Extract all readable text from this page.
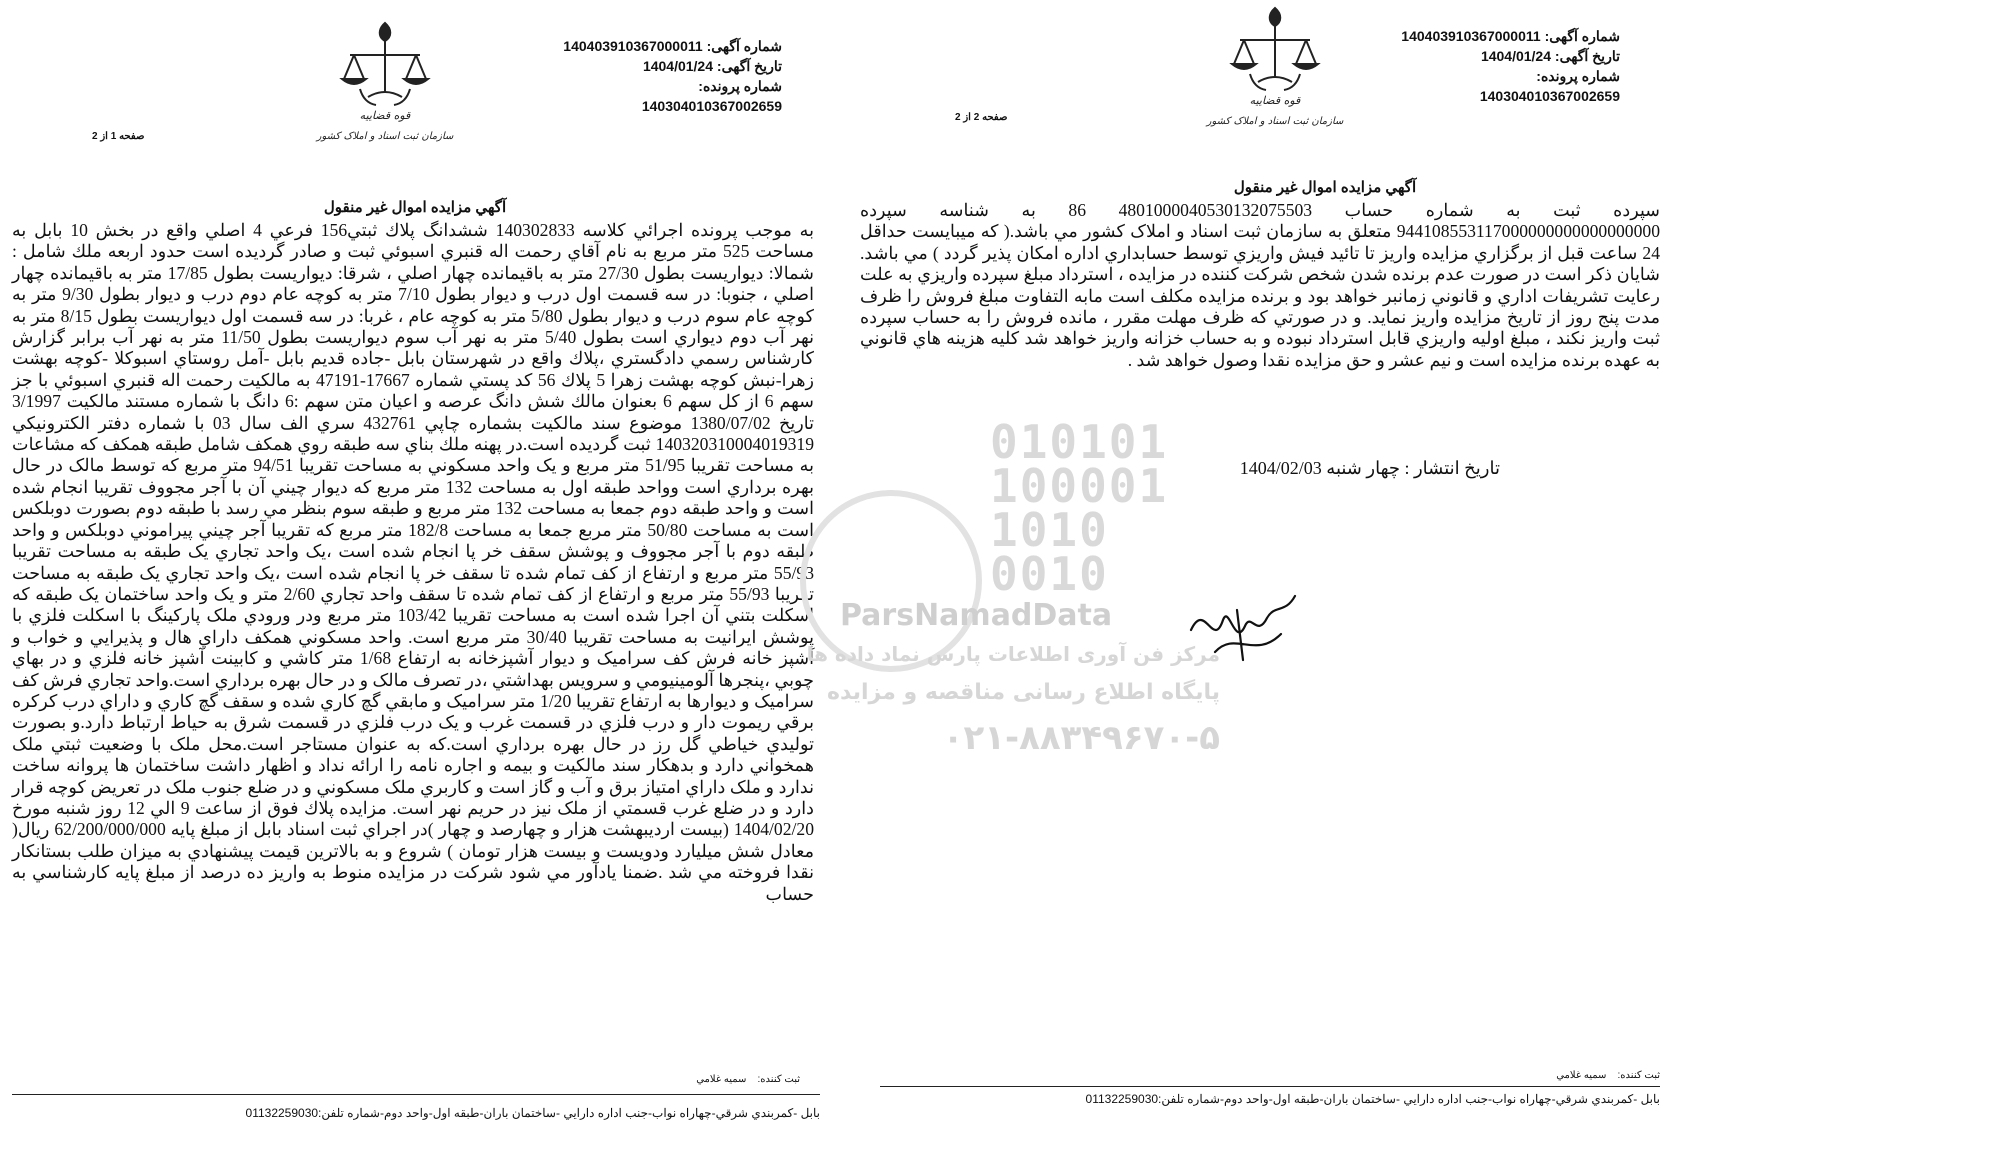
قوه قضاییه
سازمان ثبت اسناد و املاک کشور
شماره آگهی: 140403910367000011
تاریخ آگهی: 1404/01/24
شماره پرونده: 140304010367002659
صفحه 1 از 2
آگهي مزايده اموال غير منقول
به موجب پرونده اجرائي كلاسه 140302833 ششدانگ پلاك ثبتي156 فرعي 4 اصلي واقع در بخش 10 بابل به مساحت 525 متر مربع به نام آقاي رحمت اله قنبري اسبوئي ثبت و صادر گرديده است حدود اربعه ملك شامل : شمالا: ديواريست بطول 27/30 متر به باقيمانده چهار اصلي ، شرقا: ديواريست بطول 17/85 متر به باقيمانده چهار اصلي ، جنوبا: در سه قسمت اول درب و ديوار بطول 7/10 متر به كوچه عام دوم درب و ديوار بطول 9/30 متر به كوچه عام سوم درب و ديوار بطول 5/80 متر به كوچه عام ، غربا: در سه قسمت اول ديواريست بطول 8/15 متر به نهر آب دوم ديواري است بطول 5/40 متر به نهر آب سوم ديواريست بطول 11/50 متر به نهر آب برابر گزارش كارشناس رسمي دادگستري ،پلاك واقع در شهرستان بابل -جاده قديم بابل -آمل روستاي اسبوكلا -كوچه بهشت زهرا-نبش كوچه بهشت زهرا 5 پلاك 56 كد پستي شماره 17667-47191 به مالكيت رحمت اله قنبري اسبوئي با جز سهم 6 از كل سهم 6 بعنوان مالك شش دانگ عرصه و اعيان متن سهم :6 دانگ با شماره مستند مالكيت 3/1997 تاريخ 1380/07/02 موضوع سند مالكيت بشماره چاپي 432761 سري الف سال 03 با شماره دفتر الكترونيكي 140320310004019319 ثبت گرديده است.در پهنه ملك بناي سه طبقه روي همكف شامل طبقه همكف كه مشاعات به مساحت تقريبا 51/95 متر مربع و يک واحد مسكوني به مساحت تقريبا 94/51 متر مربع كه توسط مالک در حال بهره برداري است وواحد طبقه اول به مساحت 132 متر مربع كه ديوار چيني آن با آجر مجووف تقريبا انجام شده است و واحد طبقه دوم جمعا به مساحت 132 متر مربع و طبقه سوم بنظر مي رسد با طبقه دوم بصورت دوبلكس است به مساحت 50/80 متر مربع جمعا به مساحت 182/8 متر مربع كه تقريبا آجر چيني پيراموني دوبلكس و واحد طبقه دوم با آجر مجووف و پوشش سقف خر پا انجام شده است ،يک واحد تجاري يک طبقه به مساحت تقريبا 55/93 متر مربع و ارتفاع از كف تمام شده تا سقف خر پا انجام شده است ،يک واحد تجاري يک طبقه به مساحت تقريبا 55/93 متر مربع و ارتفاع از كف تمام شده تا سقف واحد تجاري 2/60 متر و يک واحد ساختمان يک طبقه كه اسكلت بتني آن اجرا شده است به مساحت تقريبا 103/42 متر مربع ودر ورودي ملک پاركينگ با اسكلت فلزي با پوشش ايرانيت به مساحت تقريبا 30/40 متر مربع است. واحد مسكوني همكف داراي هال و پذيرايي و خواب و آشپز خانه فرش كف سراميک و ديوار آشپزخانه به ارتفاع 1/68 متر كاشي و كابينت آشپز خانه فلزي و در بهاي چوبي ،پنجرها آلومينيومي و سرويس بهداشتي ،در تصرف مالک و در حال بهره برداري است.واحد تجاري فرش كف سراميک و ديوارها به ارتفاع تقريبا 1/20 متر سراميک و مابقي گچ كاري شده و سقف گچ كاري و داراي درب كركره برقي ريموت دار و درب فلزي در قسمت غرب و يک درب فلزي در قسمت شرق به حياط ارتباط دارد.و بصورت توليدي خياطي گل رز در حال بهره برداري است.كه به عنوان مستاجر است.محل ملک با وضعيت ثبتي ملک همخواني دارد و بدهكار سند مالكيت و بيمه و اجاره نامه را ارائه نداد و اظهار داشت ساختمان ها پروانه ساخت ندارد و ملک داراي امتياز برق و آب و گاز است و كاربري ملک مسكوني و در ضلع جنوب ملک در تعريض كوچه قرار دارد و در ضلع غرب قسمتي از ملک نيز در حريم نهر است. مزايده پلاك فوق از ساعت 9 الي 12 روز شنبه مورخ 1404/02/20 (بيست ارديبهشت هزار و چهارصد و چهار )در اجراي ثبت اسناد بابل از مبلغ پايه 62/200/000/000 ريال( معادل شش ميليارد ودويست و بيست هزار تومان ) شروع و به بالاترين قيمت پيشنهادي به ميزان طلب بستانكار نقدا فروخته مي شد .ضمنا يادآور مي شود شركت در مزايده منوط به واريز ده درصد از مبلغ پايه كارشناسي به حساب
ثبت کننده:    سميه غلامي
بابل -كمربندي شرقي-چهاراه نواب-جنب اداره دارايي -ساختمان باران-طبقه اول-واحد دوم-شماره تلفن:01132259030
قوه قضاییه
سازمان ثبت اسناد و املاک کشور
شماره آگهی: 140403910367000011
تاریخ آگهی: 1404/01/24
شماره پرونده: 140304010367002659
صفحه 2 از 2
آگهي مزايده اموال غير منقول
سپرده ثبت به شماره حساب 4801000040530132075503 86 به شناسه سپرده 944108553117000000000000000000 متعلق به سازمان ثبت اسناد و املاک كشور مي باشد.( كه ميبايست حداقل 24 ساعت قبل از برگزاري مزايده واريز تا تائيد فيش واريزي توسط حسابداري اداره امكان پذير گردد ) مي باشد. شايان ذكر است در صورت عدم برنده شدن شخص شركت كننده در مزايده ، استرداد مبلغ سپرده واريزي به علت رعايت تشريفات اداري و قانوني زمانبر خواهد بود و برنده مزايده مكلف است مابه التفاوت مبلغ فروش را ظرف مدت پنج روز از تاريخ مزايده واريز نمايد. و در صورتي كه ظرف مهلت مقرر ، مانده فروش را به حساب سپرده ثبت واريز نكند ، مبلغ اوليه واريزي قابل استرداد نبوده و به حساب خزانه واريز خواهد شد كليه هزينه هاي قانوني به عهده برنده مزايده است و نيم عشر و حق مزايده نقدا وصول خواهد شد .
تاريخ انتشار : چهار شنبه 1404/02/03
ثبت کننده:    سميه غلامي
بابل -كمربندي شرقي-چهاراه نواب-جنب اداره دارايي -ساختمان باران-طبقه اول-واحد دوم-شماره تلفن:01132259030
010101
100001
1010
0010
ParsNamadData
مرکز فن آوری اطلاعات پارس نماد داده ها
پایگاه اطلاع رسانی مناقصه و مزایده
۰۲۱-۸۸۳۴۹۶۷۰-۵
